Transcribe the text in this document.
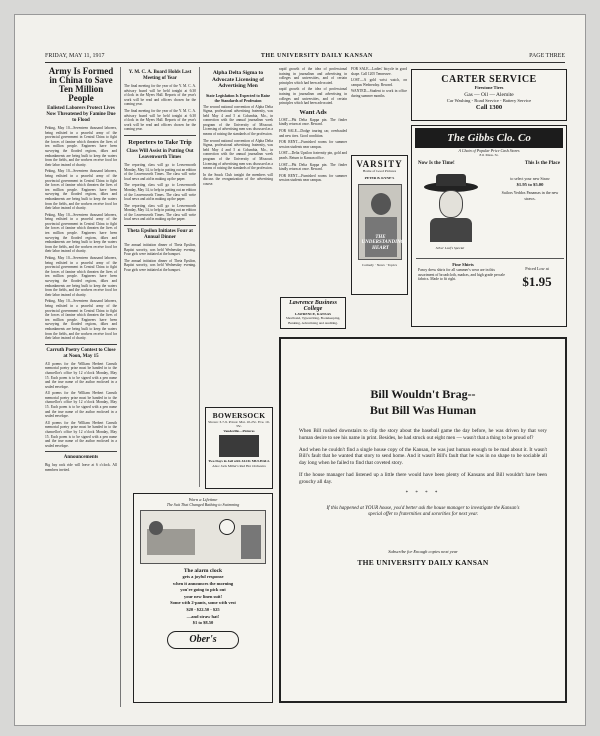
FRIDAY, MAY 11, 1917	THE UNIVERSITY DAILY KANSAN	PAGE THREE
Army Is Formed in China to Save Ten Million People
Enlisted Laborers Protect Lives Now Threatened by Famine Due to Flood

Peking, May 10—Seventeen thousand laborers, being enlisted in a peaceful army of the provincial government in Central China to fight the forces of famine which threaten the lives of ten million people. Engineers have been surveying the flooded regions, dikes and embankments are being built to keep the waters from the fields, and the workers receive food for their labor instead of charity.

Peking, May 10—Seventeen thousand laborers, being enlisted in a peaceful army of the provincial government in Central China to fight the forces of famine which threaten the lives of ten million people. Engineers have been surveying the flooded regions, dikes and embankments are being built to keep the waters from the fields, and the workers receive food for their labor instead of charity.

Peking, May 10—Seventeen thousand laborers, being enlisted in a peaceful army of the provincial government in Central China to fight the forces of famine which threaten the lives of ten million people. Engineers have been surveying the flooded regions, dikes and embankments are being built to keep the waters from the fields, and the workers receive food for their labor instead of charity.

Peking, May 10—Seventeen thousand laborers, being enlisted in a peaceful army of the provincial government in Central China to fight the forces of famine which threaten the lives of ten million people. Engineers have been surveying the flooded regions, dikes and embankments are being built to keep the waters from the fields, and the workers receive food for their labor instead of charity.

Peking, May 10—Seventeen thousand laborers, being enlisted in a peaceful army of the provincial government in Central China to fight the forces of famine which threaten the lives of ten million people. Engineers have been surveying the flooded regions, dikes and embankments are being built to keep the waters from the fields, and the workers receive food for their labor instead of charity.

Carruth Poetry Contest to Close at Noon, May 15

All poems for the William Herbert Carruth memorial poetry prize must be handed in to the chancellor's office by 12 o'clock Monday, May 15. Each poem is to be signed with a pen name and the true name of the author enclosed in a sealed envelope.

All poems for the William Herbert Carruth memorial poetry prize must be handed in to the chancellor's office by 12 o'clock Monday, May 15. Each poem is to be signed with a pen name and the true name of the author enclosed in a sealed envelope.

All poems for the William Herbert Carruth memorial poetry prize must be handed in to the chancellor's office by 12 o'clock Monday, May 15. Each poem is to be signed with a pen name and the true name of the author enclosed in a sealed envelope.

Announcements

Big hay rack ride will leave at 6 o'clock. All members invited.

Y. M. C. A. Board Holds Last Meeting of Year

The final meeting for the year of the Y. M. C. A. advisory board will be held tonight at 6:30 o'clock in the Myers Hall. Reports of the year's work will be read and officers chosen for the coming year.

The final meeting for the year of the Y. M. C. A. advisory board will be held tonight at 6:30 o'clock in the Myers Hall. Reports of the year's work will be read and officers chosen for the coming year.

Reporters to Take Trip
Class Will Assist in Putting Out Leavenworth Times

The reporting class will go to Leavenworth Monday, May 14, to help in putting out an edition of the Leavenworth Times. The class will write local news and aid in making up the paper.

The reporting class will go to Leavenworth Monday, May 14, to help in putting out an edition of the Leavenworth Times. The class will write local news and aid in making up the paper.

The reporting class will go to Leavenworth Monday, May 14, to help in putting out an edition of the Leavenworth Times. The class will write local news and aid in making up the paper.

Theta Epsilon Initiates Four at Annual Dinner

The annual initiation dinner of Theta Epsilon, Baptist sorority, was held Wednesday evening. Four girls were initiated at the banquet.

The annual initiation dinner of Theta Epsilon, Baptist sorority, was held Wednesday evening. Four girls were initiated at the banquet.

Alpha Delta Sigma to Advocate Licensing of Advertising Men
State Legislation Is Expected to Raise the Standards of Profession

The second national convention of Alpha Delta Sigma, professional advertising fraternity, was held May 4 and 5 at Columbia, Mo., in connection with the annual journalism week program of the University of Missouri. Licensing of advertising men was discussed as a means of raising the standards of the profession.

The second national convention of Alpha Delta Sigma, professional advertising fraternity, was held May 4 and 5 at Columbia, Mo., in connection with the annual journalism week program of the University of Missouri. Licensing of advertising men was discussed as a means of raising the standards of the profession.

In the Snack Club tonight the members will discuss the reorganization of the advertising course.

BOWERSOCK
Shows: 3-7-9. Prices: Mat. 10-25c. Eve. 10-35c.
Vaudeville—Pictures
Two Days in Jail with JACK MULHALL
Also: Jack Miller's Red Hot Orchestra

rapid growth of the idea of professional training in journalism and advertising in colleges and universities, and of certain principles which had been advocated.

rapid growth of the idea of professional training in journalism and advertising in colleges and universities, and of certain principles which had been advocated.

Want Ads

LOST—Phi Delta Kappa pin. The finder kindly return at once. Reward.

FOR SALE—Dodge touring car, overhauled and new tires. Good condition.

FOR RENT—Furnished rooms for summer session students near campus.

LOST—Delta Upsilon fraternity pin, gold and pearls. Return to Kansan office.

LOST—Phi Delta Kappa pin. The finder kindly return at once. Reward.

FOR RENT—Furnished rooms for summer session students near campus.

Lawrence Business College
LAWRENCE, KANSAS
Shorthand, Typewriting, Bookkeeping, Banking, Advertising and Auditing.

FOR SALE—Ladies' bicycle in good shape. Call 1205 Tennessee.

LOST—A gold wrist watch, on campus Wednesday. Reward.

WANTED—Student to work in office during summer months.

VARSITY
Home of Good Pictures
PETER B. KYNE'S
THE UNDERSTANDING HEART
Comedy · News · Topics
CARTER SERVICE
Firestone Tires
Gas — Oil — Alemite
Car Washing - Road Service - Battery Service
Call 1300
The Gibbs Clo. Co
A Chain of Popular Price Cash Stores
811 Mass. St.
Now Is the Time!	This Is the Place
to select your new Straw
$1.95 to $5.00
Sailors Yeddos Panamas in the new straws.
Silver Leaf's Special
Fine Shirts
Fancy dress shirts for all summer's wear are in this assortment of broadcloth, madras, and high grade percale fabrics. Made to fit right.
Priced Low at
$1.95
Worn a Lifetime
The Suit That Changed Bathing to Swimming
The alarm clock
gets a joyful response
when it announces the morning
you're going to pick out
your new linen suit!
Some with 2-pants, some with vest
$20 - $22.50 - $25
—and straw hat!
$1 to $8.50
Ober's
Bill Wouldn't Brag--
But Bill Was Human

When Bill rushed downstairs to clip the story about the baseball game the day before, he was driven by that very human desire to see his name in print. Besides, he had struck out eight men — wasn't that a thing to be proud of?

And when he couldn't find a single house copy of the Kansan, he was just human enough to be mad about it. It wasn't Bill's fault that he wanted that story to send home. And it wasn't Bill's fault that he was in no shape to be sociable all day long when he failed to find that coveted story.

If the house manager had listened up a little there would have been plenty of Kansans and Bill wouldn't have been grouchy all day.

* * * *
If this happened at YOUR house, you'd better ask the house manager to investigate the Kansan's special offer to fraternities and sororities for next year.
Subscribe for Enough copies next year
THE UNIVERSITY DAILY KANSAN
